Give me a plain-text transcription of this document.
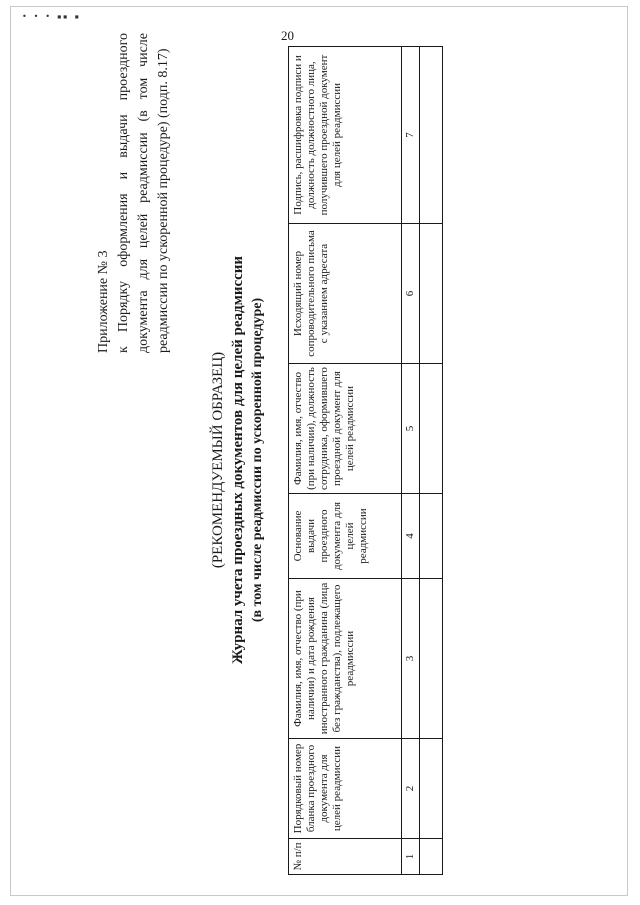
• • • ▪▪ ▪
20
Приложение № 3 к Порядку оформления и выдачи проездного документа для целей реадмиссии (в том числе реадмиссии по ускоренной процедуре) (подп. 8.17)
(РЕКОМЕНДУЕМЫЙ ОБРАЗЕЦ) Журнал учета проездных документов для целей реадмиссии (в том числе реадмиссии по ускоренной процедуре)
№ п/п	Порядковый номер бланка проездного документа для целей реадмиссии	Фамилия, имя, отчество (при наличии) и дата рождения иностранного гражданина (лица без гражданства), подлежащего реадмиссии	Основание выдачи проездного документа для целей реадмиссии	Фамилия, имя, отчество (при наличии), должность сотрудника, оформившего проездной документ для целей реадмиссии	Исходящий номер сопроводительного письма с указанием адресата	Подпись, расшифровка подписи и должность должностного лица, получившего проездной документ для целей реадмиссии
1	2	3	4	5	6	7
